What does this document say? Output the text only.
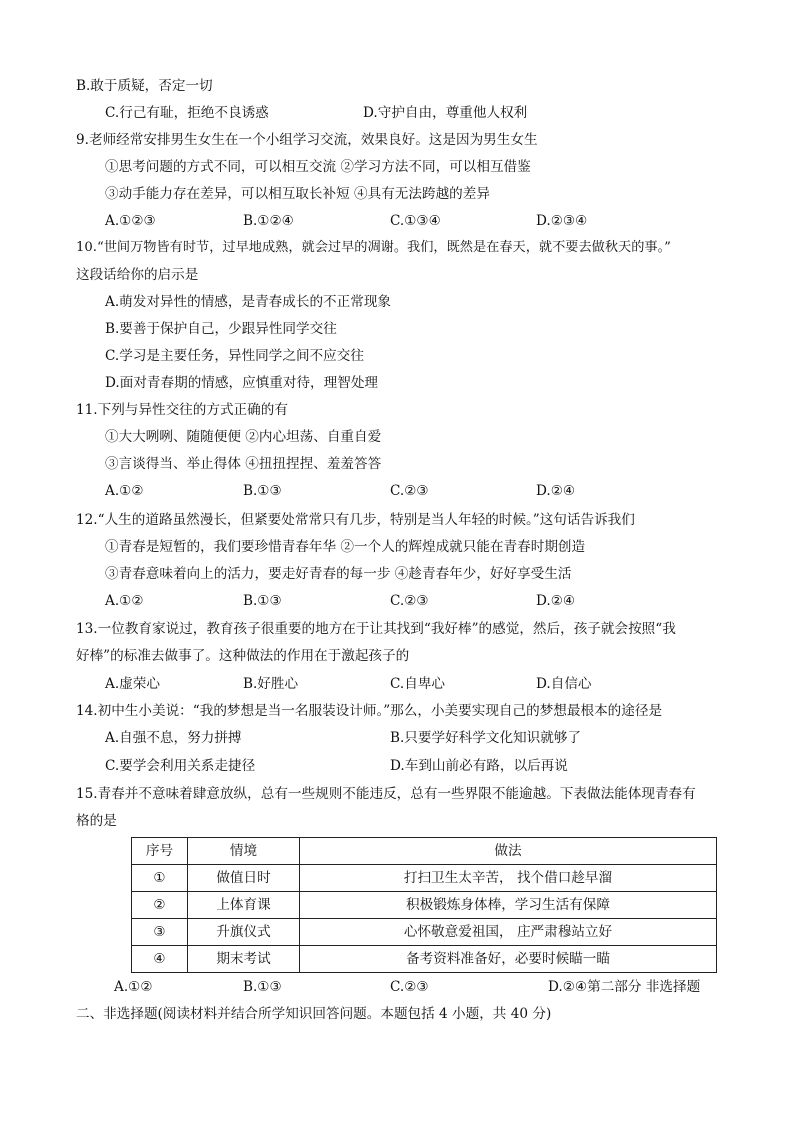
B.敢于质疑，否定一切
C.行己有耻，拒绝不良诱惑	D.守护自由，尊重他人权利
9.老师经常安排男生女生在一个小组学习交流，效果良好。这是因为男生女生
①思考问题的方式不同，可以相互交流 ②学习方法不同，可以相互借鉴
③动手能力存在差异，可以相互取长补短 ④具有无法跨越的差异
A.①②③	B.①②④	C.①③④	D.②③④
10.“世间万物皆有时节，过早地成熟，就会过早的凋谢。我们，既然是在春天，就不要去做秋天的事。”
这段话给你的启示是
A.萌发对异性的情感，是青春成长的不正常现象
B.要善于保护自己，少跟异性同学交往
C.学习是主要任务，异性同学之间不应交往
D.面对青春期的情感，应慎重对待，理智处理
11.下列与异性交往的方式正确的有
①大大咧咧、随随便便 ②内心坦荡、自重自爱
③言谈得当、举止得体 ④扭扭捏捏、羞羞答答
A.①②	B.①③	C.②③	D.②④
12.“人生的道路虽然漫长，但紧要处常常只有几步，特别是当人年轻的时候。”这句话告诉我们
①青春是短暂的，我们要珍惜青春年华 ②一个人的辉煌成就只能在青春时期创造
③青春意味着向上的活力，要走好青春的每一步 ④趁青春年少，好好享受生活
A.①②	B.①③	C.②③	D.②④
13.一位教育家说过，教育孩子很重要的地方在于让其找到“我好棒”的感觉，然后，孩子就会按照“我
好棒”的标准去做事了。这种做法的作用在于激起孩子的
A.虚荣心	B.好胜心	C.自卑心	D.自信心
14.初中生小美说：“我的梦想是当一名服装设计师。”那么，小美要实现自己的梦想最根本的途径是
A.自强不息，努力拼搏	B.只要学好科学文化知识就够了
C.要学会利用关系走捷径	D.车到山前必有路，以后再说
15.青春并不意味着肆意放纵，总有一些规则不能违反，总有一些界限不能逾越。下表做法能体现青春有
格的是
序号	情境	做法
①	做值日时	打扫卫生太辛苦， 找个借口趁早溜
②	上体育课	积极锻炼身体棒，学习生活有保障
③	升旗仪式	心怀敬意爱祖国， 庄严肃穆站立好
④	期末考试	备考资料准备好，必要时候瞄一瞄
A.①②	B.①③	C.②③	D.②④第二部分 非选择题
二、非选择题(阅读材料并结合所学知识回答问题。本题包括 4 小题，共 40 分)
